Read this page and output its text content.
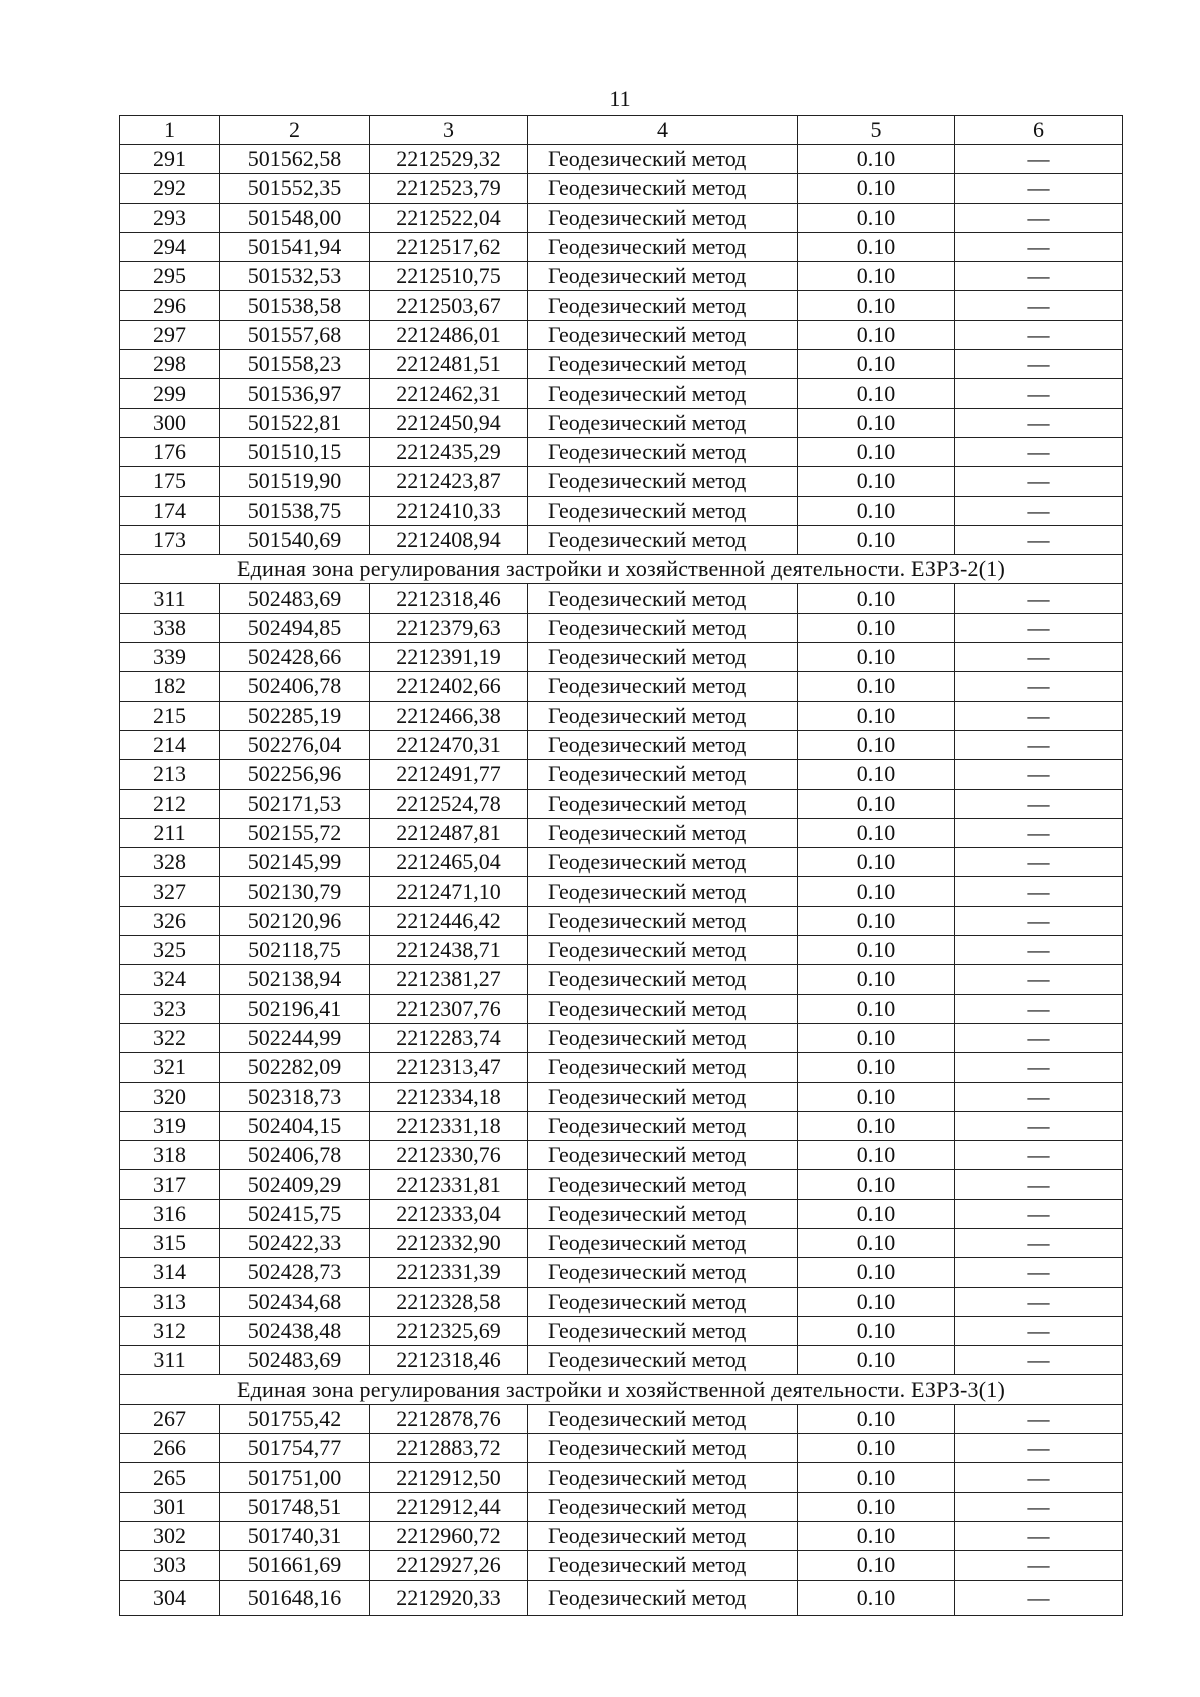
11
1	2	3	4	5	6
291	501562,58	2212529,32	Геодезический метод	0.10	—
292	501552,35	2212523,79	Геодезический метод	0.10	—
293	501548,00	2212522,04	Геодезический метод	0.10	—
294	501541,94	2212517,62	Геодезический метод	0.10	—
295	501532,53	2212510,75	Геодезический метод	0.10	—
296	501538,58	2212503,67	Геодезический метод	0.10	—
297	501557,68	2212486,01	Геодезический метод	0.10	—
298	501558,23	2212481,51	Геодезический метод	0.10	—
299	501536,97	2212462,31	Геодезический метод	0.10	—
300	501522,81	2212450,94	Геодезический метод	0.10	—
176	501510,15	2212435,29	Геодезический метод	0.10	—
175	501519,90	2212423,87	Геодезический метод	0.10	—
174	501538,75	2212410,33	Геодезический метод	0.10	—
173	501540,69	2212408,94	Геодезический метод	0.10	—
Единая зона регулирования застройки и хозяйственной деятельности. ЕЗРЗ-2(1)					
311	502483,69	2212318,46	Геодезический метод	0.10	—
338	502494,85	2212379,63	Геодезический метод	0.10	—
339	502428,66	2212391,19	Геодезический метод	0.10	—
182	502406,78	2212402,66	Геодезический метод	0.10	—
215	502285,19	2212466,38	Геодезический метод	0.10	—
214	502276,04	2212470,31	Геодезический метод	0.10	—
213	502256,96	2212491,77	Геодезический метод	0.10	—
212	502171,53	2212524,78	Геодезический метод	0.10	—
211	502155,72	2212487,81	Геодезический метод	0.10	—
328	502145,99	2212465,04	Геодезический метод	0.10	—
327	502130,79	2212471,10	Геодезический метод	0.10	—
326	502120,96	2212446,42	Геодезический метод	0.10	—
325	502118,75	2212438,71	Геодезический метод	0.10	—
324	502138,94	2212381,27	Геодезический метод	0.10	—
323	502196,41	2212307,76	Геодезический метод	0.10	—
322	502244,99	2212283,74	Геодезический метод	0.10	—
321	502282,09	2212313,47	Геодезический метод	0.10	—
320	502318,73	2212334,18	Геодезический метод	0.10	—
319	502404,15	2212331,18	Геодезический метод	0.10	—
318	502406,78	2212330,76	Геодезический метод	0.10	—
317	502409,29	2212331,81	Геодезический метод	0.10	—
316	502415,75	2212333,04	Геодезический метод	0.10	—
315	502422,33	2212332,90	Геодезический метод	0.10	—
314	502428,73	2212331,39	Геодезический метод	0.10	—
313	502434,68	2212328,58	Геодезический метод	0.10	—
312	502438,48	2212325,69	Геодезический метод	0.10	—
311	502483,69	2212318,46	Геодезический метод	0.10	—
Единая зона регулирования застройки и хозяйственной деятельности. ЕЗРЗ-3(1)					
267	501755,42	2212878,76	Геодезический метод	0.10	—
266	501754,77	2212883,72	Геодезический метод	0.10	—
265	501751,00	2212912,50	Геодезический метод	0.10	—
301	501748,51	2212912,44	Геодезический метод	0.10	—
302	501740,31	2212960,72	Геодезический метод	0.10	—
303	501661,69	2212927,26	Геодезический метод	0.10	—
304	501648,16	2212920,33	Геодезический метод	0.10	—
